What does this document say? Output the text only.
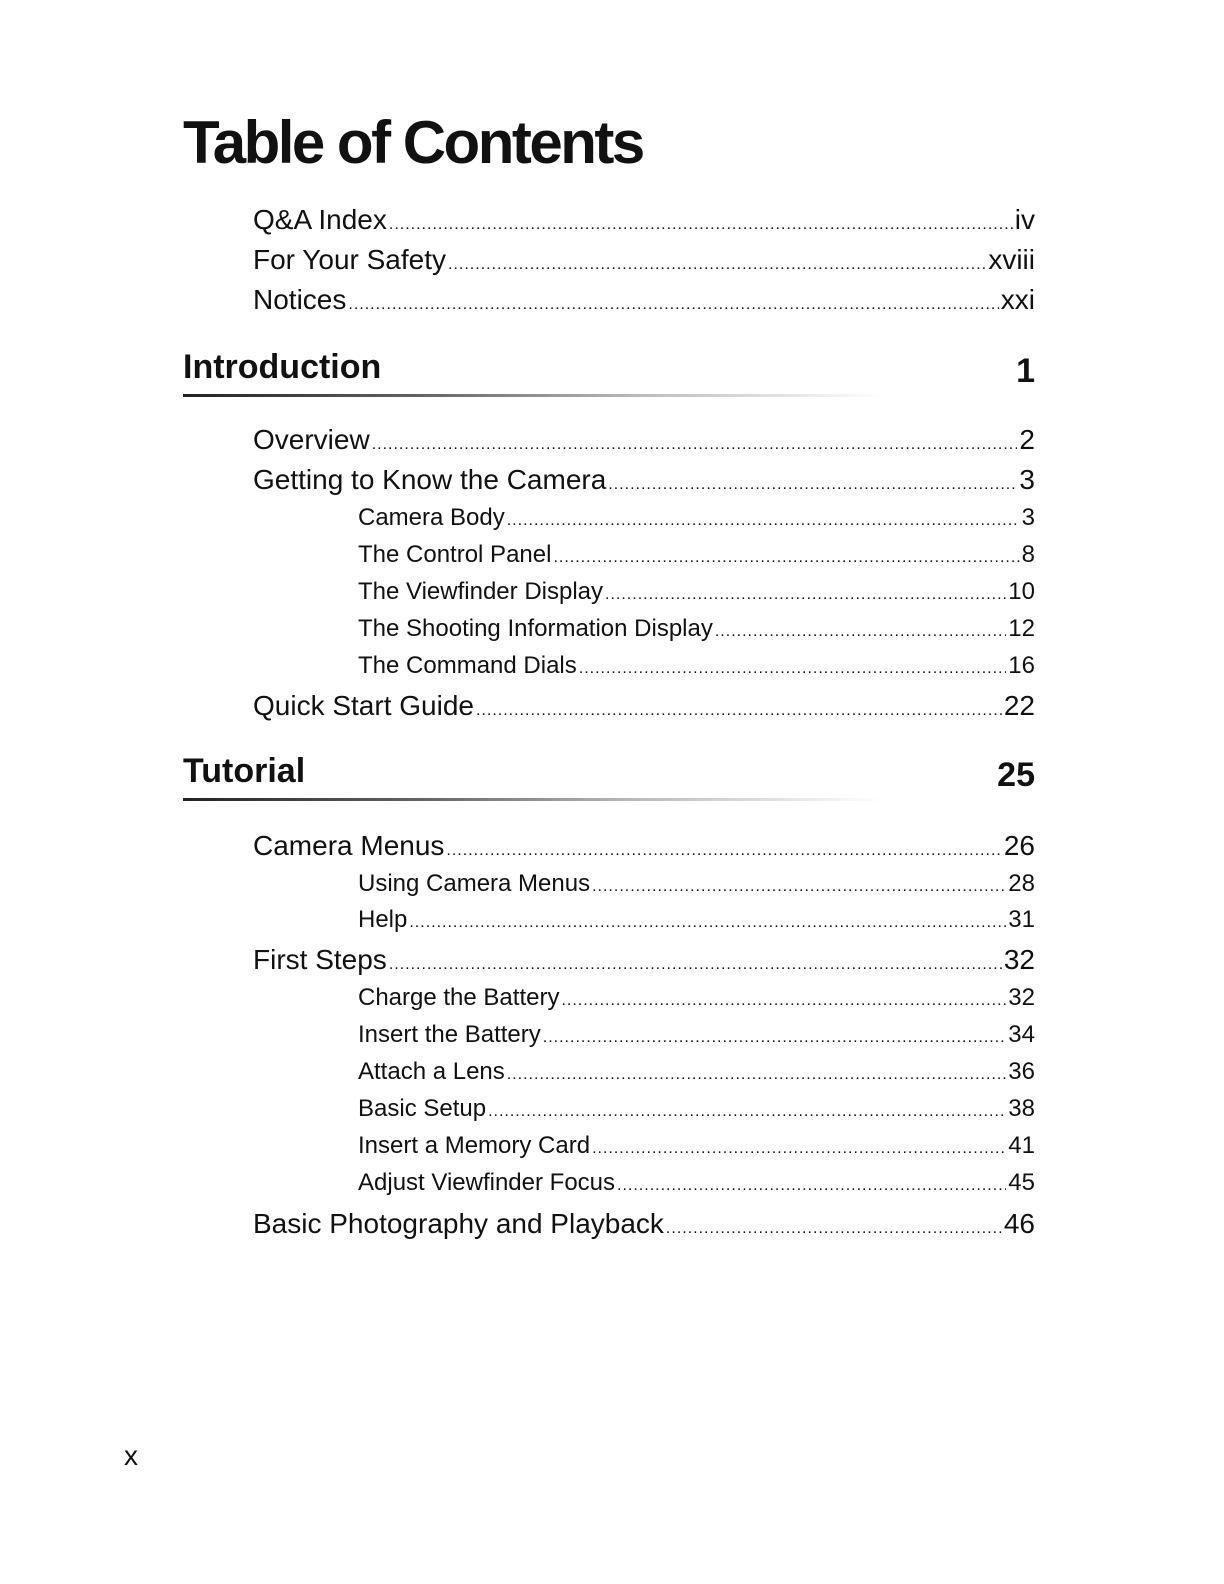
Table of Contents
Q&A Index .....	iv
For Your Safety .....	xviii
Notices .....	xxi
Introduction	1
Overview .....	2
Getting to Know the Camera .....	3
Camera Body .....	3
The Control Panel .....	8
The Viewfinder Display .....	10
The Shooting Information Display .....	12
The Command Dials .....	16
Quick Start Guide .....	22
Tutorial	25
Camera Menus .....	26
Using Camera Menus .....	28
Help .....	31
First Steps .....	32
Charge the Battery .....	32
Insert the Battery .....	34
Attach a Lens .....	36
Basic Setup .....	38
Insert a Memory Card .....	41
Adjust Viewfinder Focus .....	45
Basic Photography and Playback .....	46
x
